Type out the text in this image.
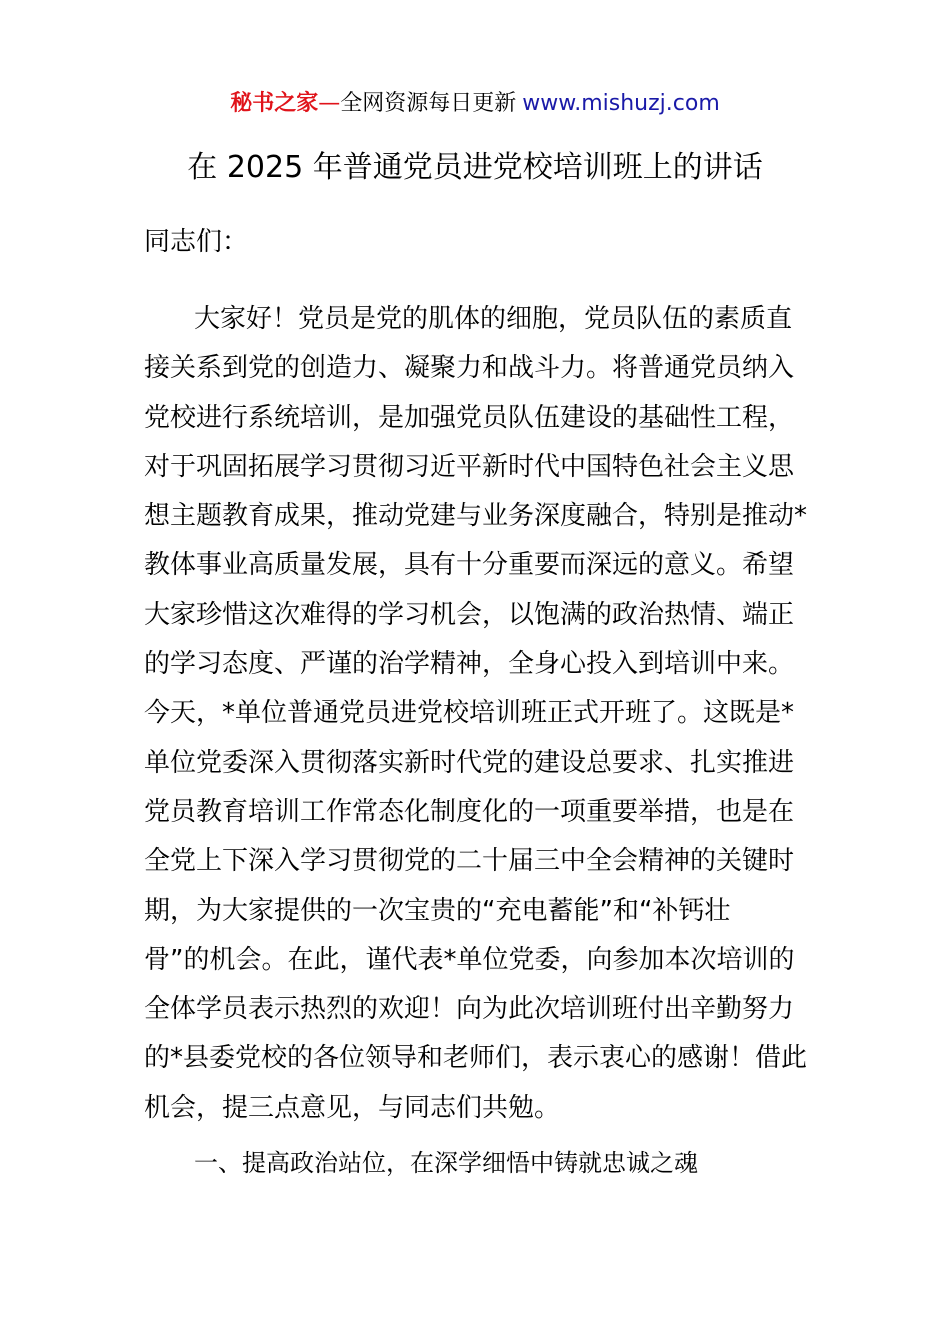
秘书之家—全网资源每日更新 www.mishuzj.com
在 2025 年普通党员进党校培训班上的讲话
同志们：
大家好！党员是党的肌体的细胞，党员队伍的素质直
接关系到党的创造力、凝聚力和战斗力。将普通党员纳入
党校进行系统培训，是加强党员队伍建设的基础性工程，
对于巩固拓展学习贯彻习近平新时代中国特色社会主义思
想主题教育成果，推动党建与业务深度融合，特别是推动*
教体事业高质量发展，具有十分重要而深远的意义。希望
大家珍惜这次难得的学习机会，以饱满的政治热情、端正
的学习态度、严谨的治学精神，全身心投入到培训中来。
今天，*单位普通党员进党校培训班正式开班了。这既是*
单位党委深入贯彻落实新时代党的建设总要求、扎实推进
党员教育培训工作常态化制度化的一项重要举措，也是在
全党上下深入学习贯彻党的二十届三中全会精神的关键时
期，为大家提供的一次宝贵的“充电蓄能”和“补钙壮
骨”的机会。在此，谨代表*单位党委，向参加本次培训的
全体学员表示热烈的欢迎！向为此次培训班付出辛勤努力
的*县委党校的各位领导和老师们，表示衷心的感谢！借此
机会，提三点意见，与同志们共勉。
一、提高政治站位，在深学细悟中铸就忠诚之魂
